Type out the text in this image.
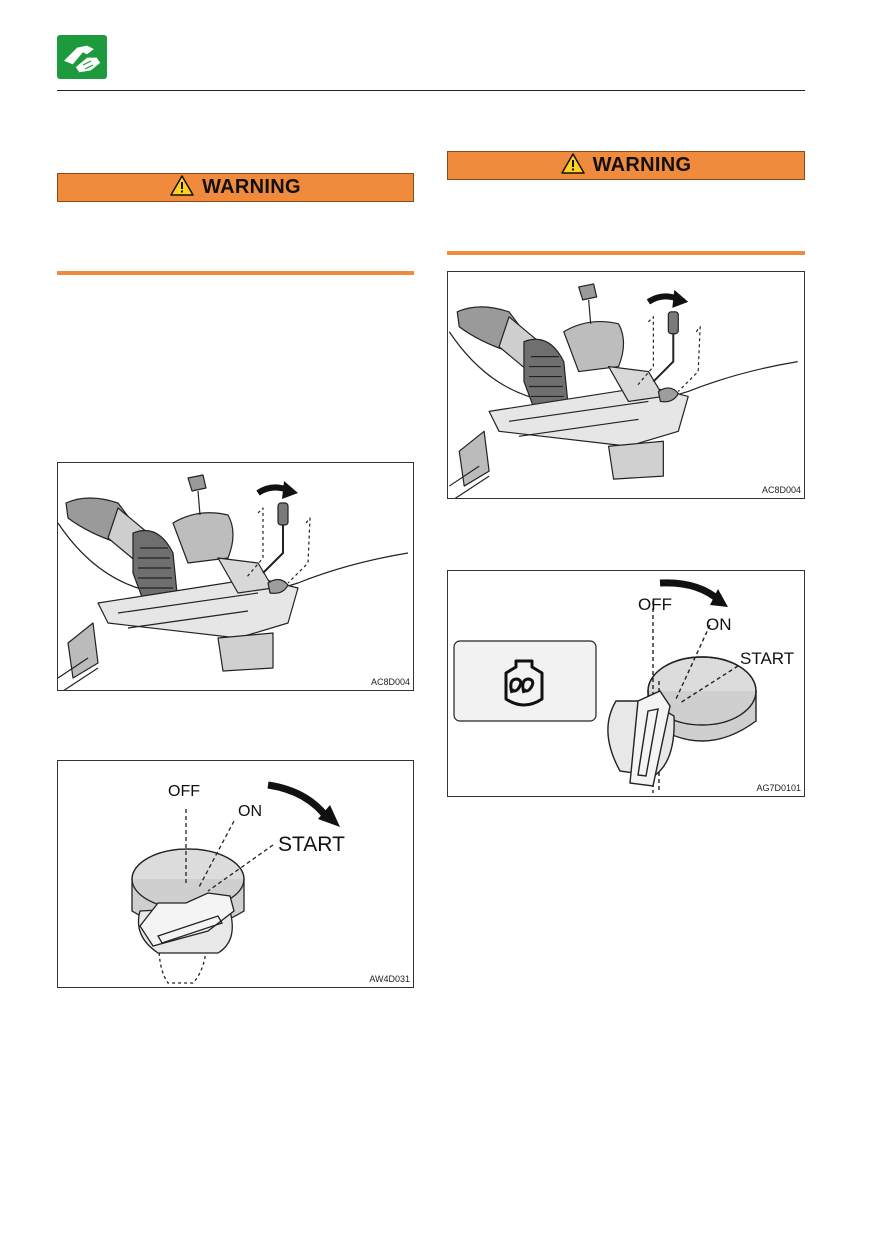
WARNING
WARNING
AC8D004
OFF
ON
START
AW4D031
AC8D004
OFF
ON
START
AG7D0101
